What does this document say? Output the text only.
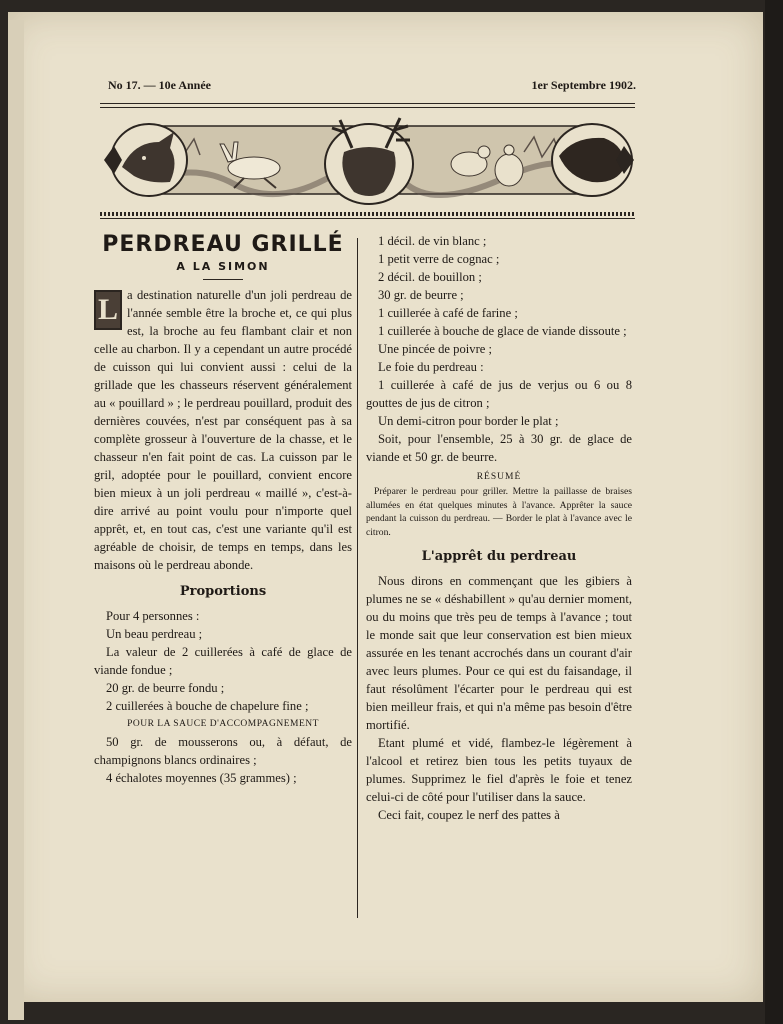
No 17. — 10e Année	1er Septembre 1902.
PERDREAU GRILLÉ
A LA SIMON

L a destination naturelle d'un joli perdreau de l'année semble être la broche et, ce qui plus est, la broche au feu flambant clair et non celle au charbon. Il y a cependant un autre procédé de cuisson qui lui convient aussi : celui de la grillade que les chasseurs réservent généralement au « pouillard » ; le perdreau pouillard, produit des dernières couvées, n'est par conséquent pas à sa complète grosseur à l'ouverture de la chasse, et le chasseur n'en fait point de cas. La cuisson par le gril, adoptée pour le pouillard, convient encore bien mieux à un joli perdreau « maillé », c'est-à-dire arrivé au point voulu pour n'importe quel apprêt, et, en tout cas, c'est une variante qu'il est agréable de choisir, de temps en temps, dans les maisons où le perdreau abonde.

Proportions

Pour 4 personnes :

Un beau perdreau ;

La valeur de 2 cuillerées à café de glace de viande fondue ;

20 gr. de beurre fondu ;

2 cuillerées à bouche de chapelure fine ;

POUR LA SAUCE D'ACCOMPAGNEMENT

50 gr. de mousserons ou, à défaut, de champignons blancs ordinaires ;

4 échalotes moyennes (35 grammes) ;

1 décil. de vin blanc ;

1 petit verre de cognac ;

2 décil. de bouillon ;

30 gr. de beurre ;

1 cuillerée à café de farine ;

1 cuillerée à bouche de glace de viande dissoute ;

Une pincée de poivre ;

Le foie du perdreau :

1 cuillerée à café de jus de verjus ou 6 ou 8 gouttes de jus de citron ;

Un demi-citron pour border le plat ;

Soit, pour l'ensemble, 25 à 30 gr. de glace de viande et 50 gr. de beurre.

RÉSUMÉ

Préparer le perdreau pour griller. Mettre la paillasse de braises allumées en état quelques minutes à l'avance. Apprêter la sauce pendant la cuisson du perdreau. — Border le plat à l'avance avec le citron.

L'apprêt du perdreau

Nous dirons en commençant que les gibiers à plumes ne se « déshabillent » qu'au dernier moment, ou du moins que très peu de temps à l'avance ; tout le monde sait que leur conservation est bien mieux assurée en les tenant accrochés dans un courant d'air avec leurs plumes. Pour ce qui est du faisandage, il faut résolûment l'écarter pour le perdreau qui est bien meilleur frais, et qui n'a même pas besoin d'être mortifié.

Etant plumé et vidé, flambez-le légèrement à l'alcool et retirez bien tous les petits tuyaux de plumes. Supprimez le fiel d'après le foie et tenez celui-ci de côté pour l'utiliser dans la sauce.

Ceci fait, coupez le nerf des pattes à
